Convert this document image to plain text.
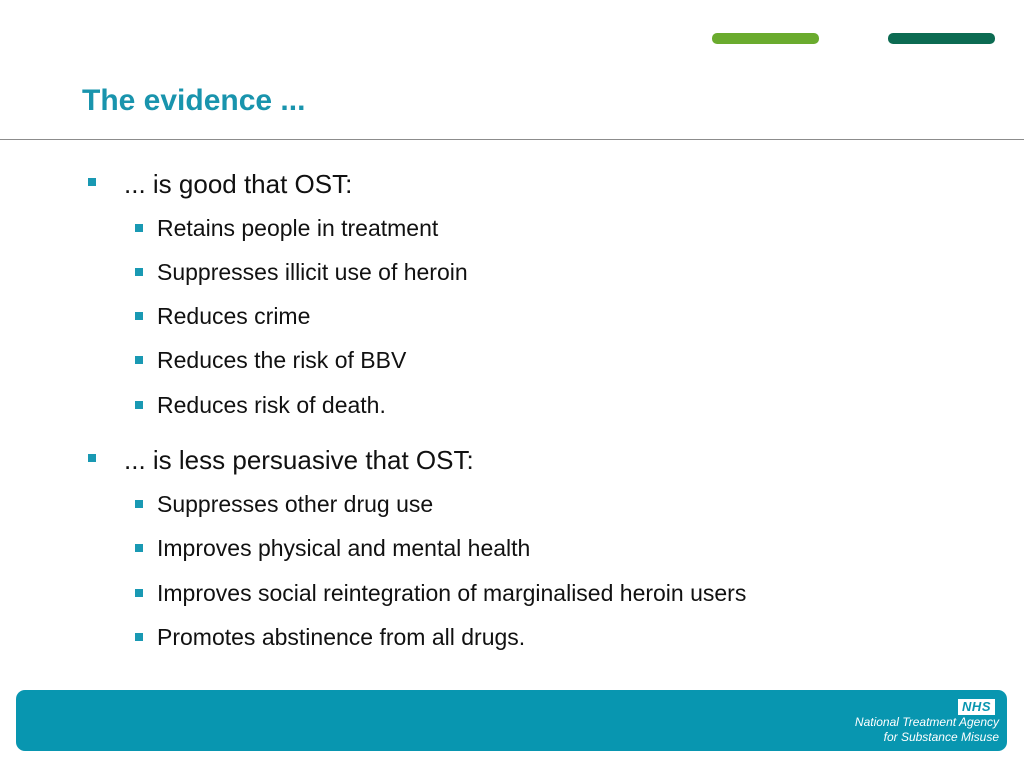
The evidence ...
... is good that OST:
Retains people in treatment
Suppresses illicit use of heroin
Reduces crime
Reduces the risk of BBV
Reduces risk of death.
... is less persuasive that OST:
Suppresses other drug use
Improves physical and mental health
Improves social reintegration of marginalised heroin users
Promotes abstinence from all drugs.
NHS
National Treatment Agency
for Substance Misuse
